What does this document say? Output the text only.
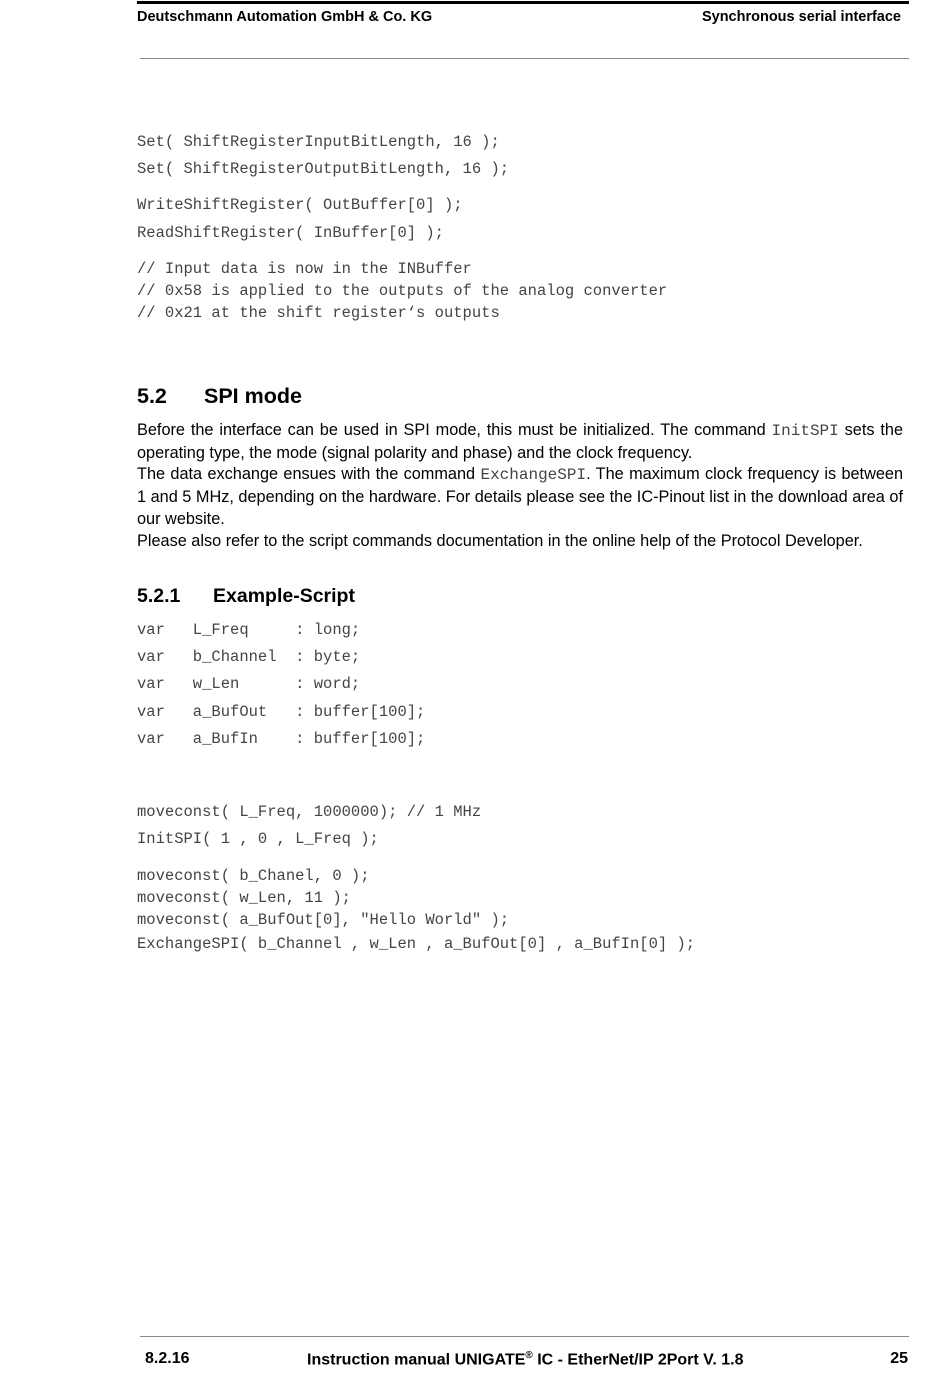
Deutschmann Automation GmbH & Co. KG	Synchronous serial interface
Set( ShiftRegisterInputBitLength, 16 );
Set( ShiftRegisterOutputBitLength, 16 );
WriteShiftRegister( OutBuffer[0] );
ReadShiftRegister( InBuffer[0] );
// Input data is now in the INBuffer
// 0x58 is applied to the outputs of the analog converter
// 0x21 at the shift register‘s outputs
5.2 SPI mode

Before the interface can be used in SPI mode, this must be initialized. The command InitSPI sets the operating type, the mode (signal polarity and phase) and the clock frequency.

The data exchange ensues with the command ExchangeSPI. The maximum clock frequency is between 1 and 5 MHz, depending on the hardware. For details please see the IC-Pinout list in the download area of our website.

Please also refer to the script commands documentation in the online help of the Protocol Developer.

5.2.1 Example-Script
var   L_Freq     : long;
var   b_Channel  : byte;
var   w_Len      : word;
var   a_BufOut   : buffer[100];
var   a_BufIn    : buffer[100];
moveconst( L_Freq, 1000000); // 1 MHz
InitSPI( 1 , 0 , L_Freq );
moveconst( b_Chanel, 0 );
moveconst( w_Len, 11 );
moveconst( a_BufOut[0], "Hello World" );
ExchangeSPI( b_Channel , w_Len , a_BufOut[0] , a_BufIn[0] );
8.2.16	Instruction manual UNIGATE® IC - EtherNet/IP 2Port V. 1.8	25
